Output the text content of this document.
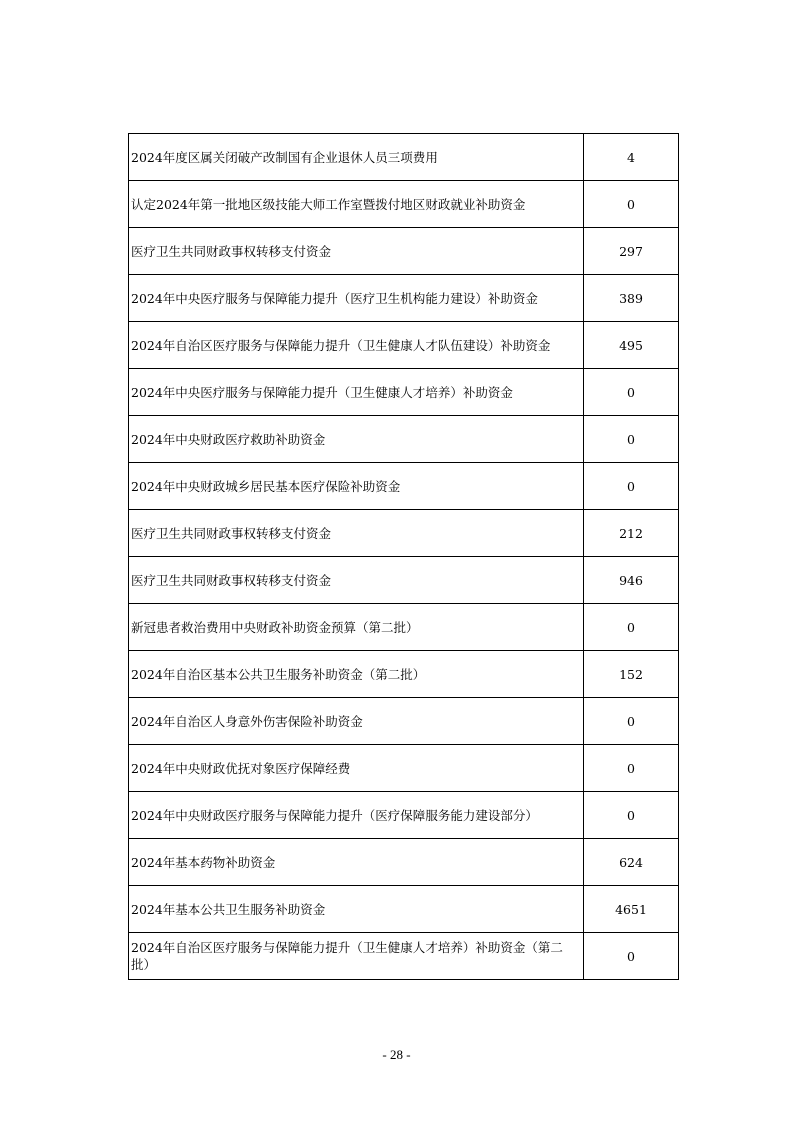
2024年度区属关闭破产改制国有企业退休人员三项费用	4
认定2024年第一批地区级技能大师工作室暨拨付地区财政就业补助资金	0
医疗卫生共同财政事权转移支付资金	297
2024年中央医疗服务与保障能力提升（医疗卫生机构能力建设）补助资金	389
2024年自治区医疗服务与保障能力提升（卫生健康人才队伍建设）补助资金	495
2024年中央医疗服务与保障能力提升（卫生健康人才培养）补助资金	0
2024年中央财政医疗救助补助资金	0
2024年中央财政城乡居民基本医疗保险补助资金	0
医疗卫生共同财政事权转移支付资金	212
医疗卫生共同财政事权转移支付资金	946
新冠患者救治费用中央财政补助资金预算（第二批）	0
2024年自治区基本公共卫生服务补助资金（第二批）	152
2024年自治区人身意外伤害保险补助资金	0
2024年中央财政优抚对象医疗保障经费	0
2024年中央财政医疗服务与保障能力提升（医疗保障服务能力建设部分）	0
2024年基本药物补助资金	624
2024年基本公共卫生服务补助资金	4651
2024年自治区医疗服务与保障能力提升（卫生健康人才培养）补助资金（第二批）	0
- 28 -
